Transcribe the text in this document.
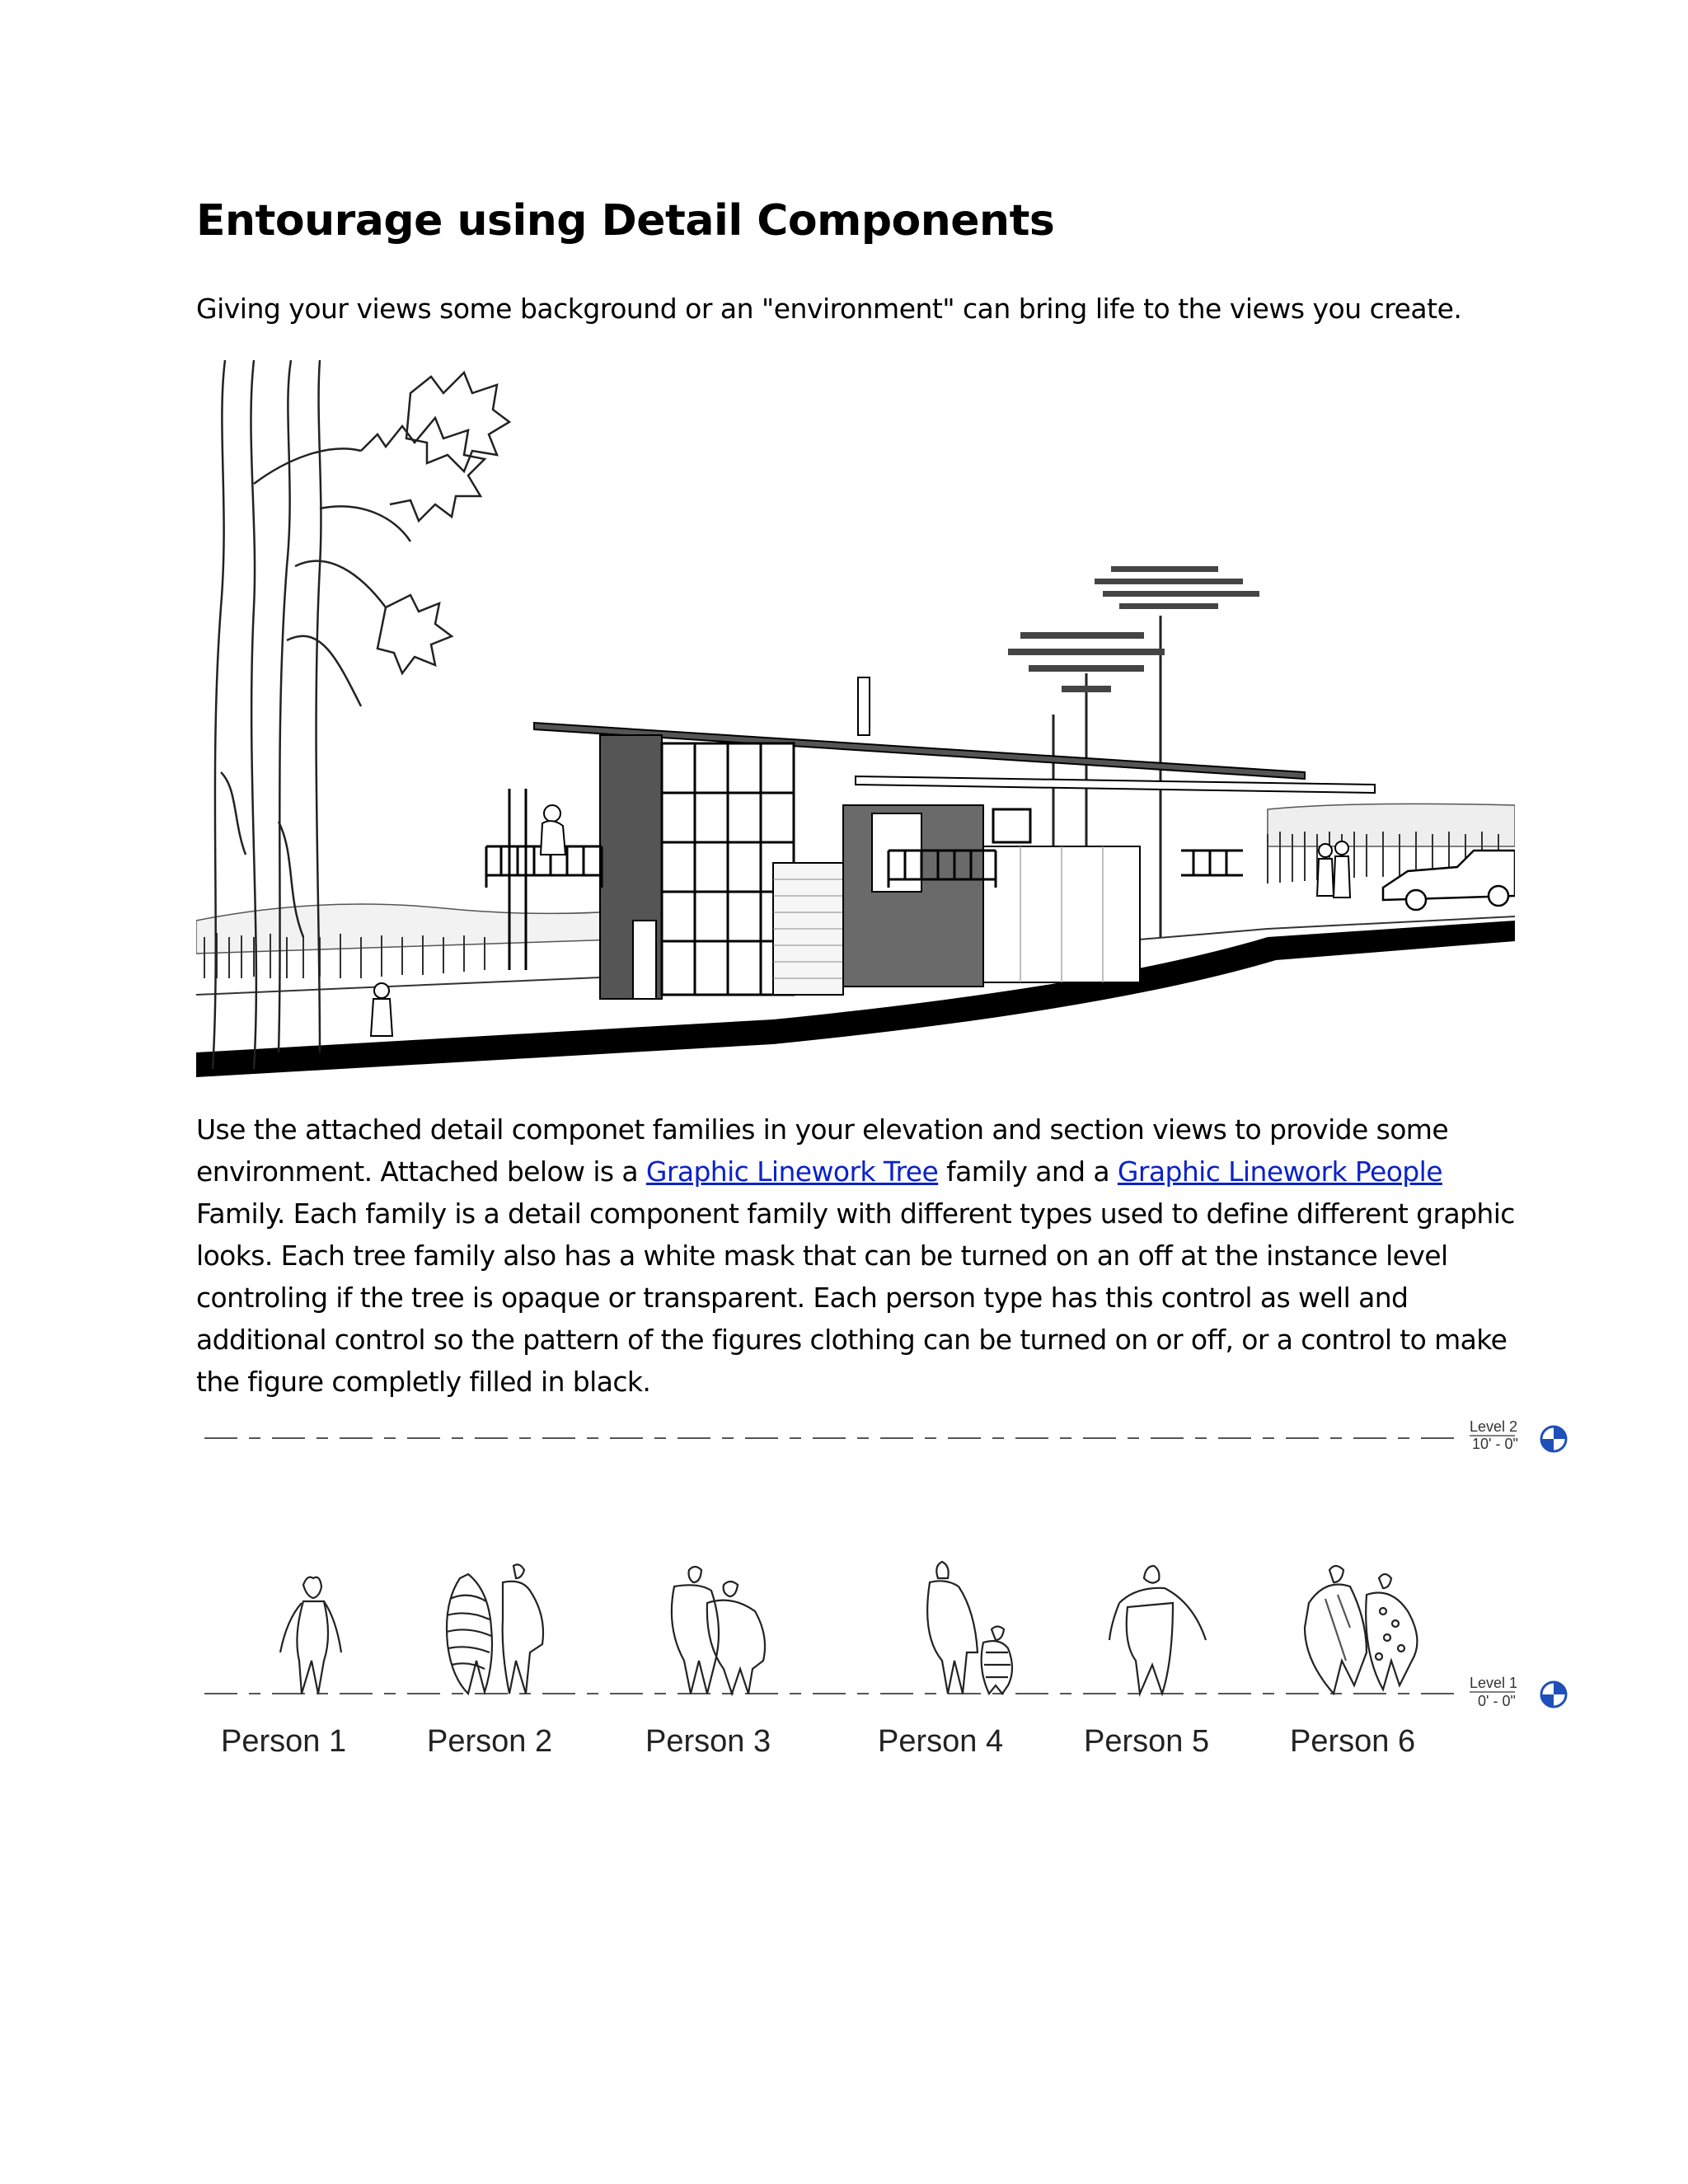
Entourage using Detail Components

Giving your views some background or an "environment" can bring life to the views you create.

Use the attached detail componet families in your elevation and section views to provide some environment. Attached below is a Graphic Linework Tree family and a Graphic Linework People Family. Each family is a detail component family with different types used to define different graphic looks. Each tree family also has a white mask that can be turned on an off at the instance level controling if the tree is opaque or transparent. Each person type has this control as well and additional control so the pattern of the figures clothing can be turned on or off, or a control to make the figure completly filled in black.

Level 2
10' - 0"
Level 1
0' - 0"
Person 1	Person 2	Person 3	Person 4	Person 5	Person 6
